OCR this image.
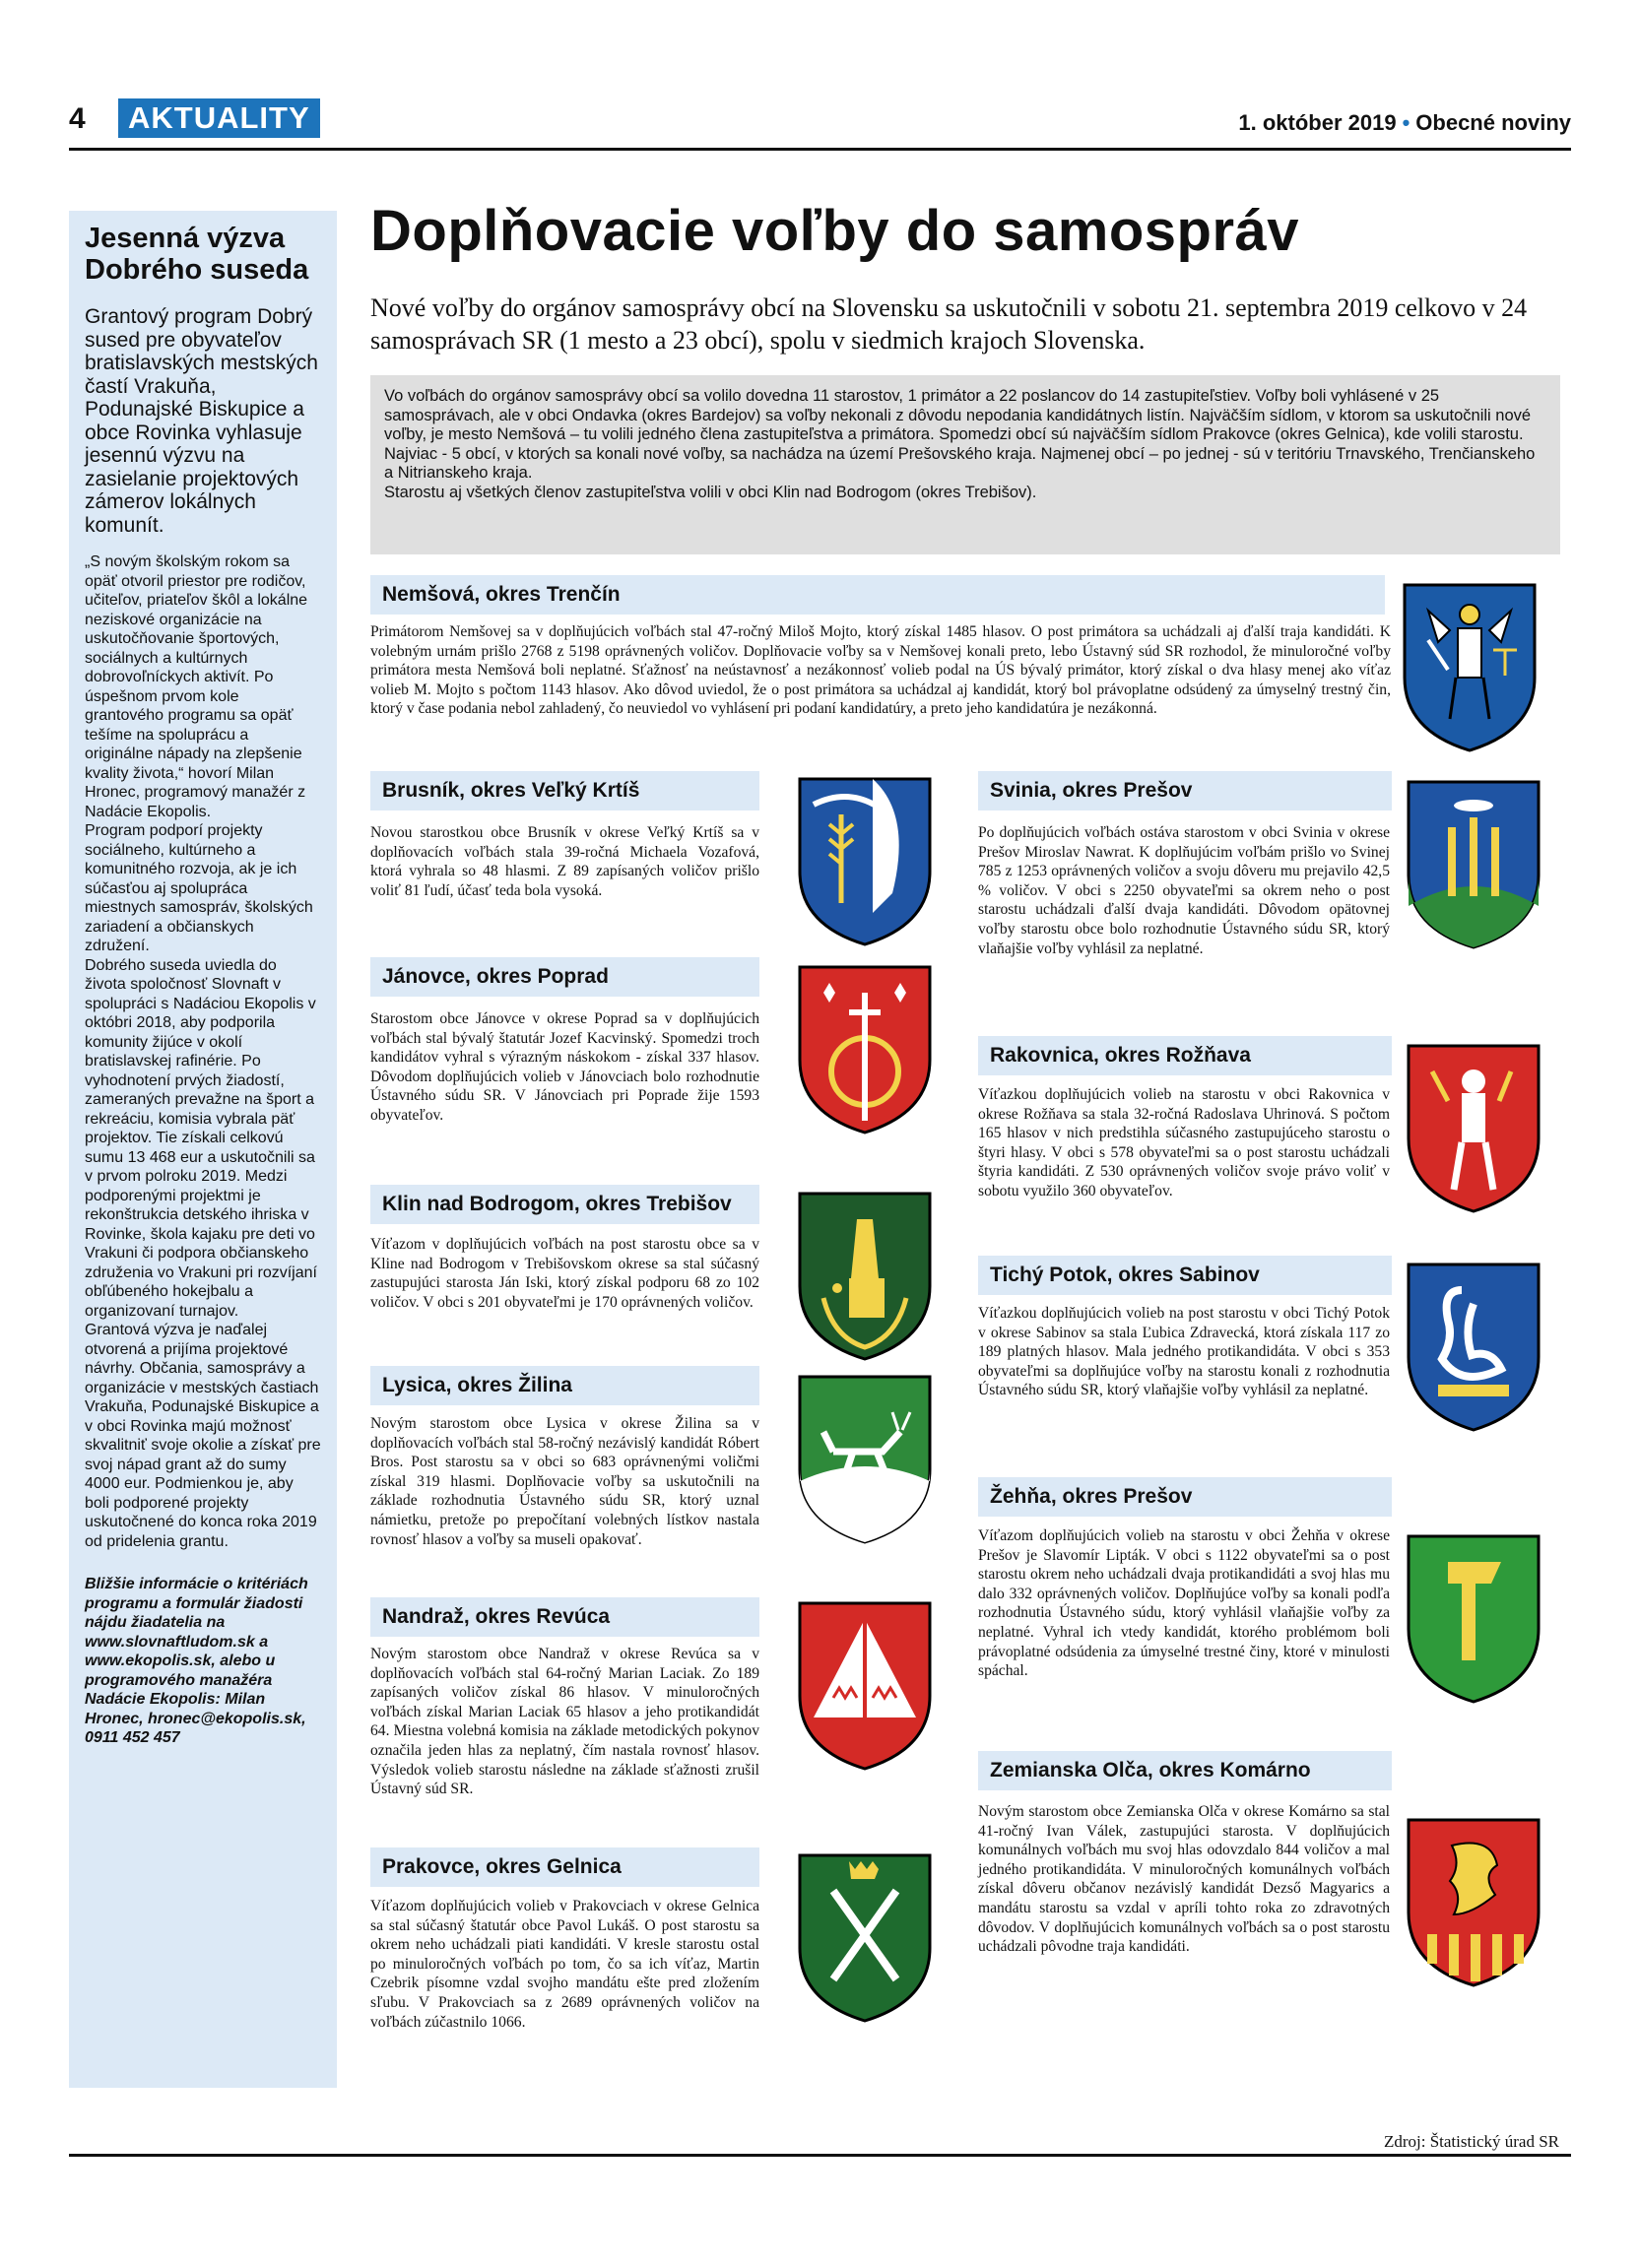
4	AKTUALITY	1. október 2019 • Obecné noviny
Jesenná výzva Dobrého suseda

Grantový program Dobrý sused pre obyvateľov bratislavských mestských častí Vrakuňa, Podunajské Biskupice a obce Rovinka vyhlasuje jesennú výzvu na zasielanie projektových zámerov lokálnych komunít.

„S novým školským rokom sa opäť otvoril priestor pre rodičov, učiteľov, priateľov škôl a lokálne neziskové organizácie na uskutočňovanie športových, sociálnych a kultúrnych dobrovoľníckych aktivít. Po úspešnom prvom kole grantového programu sa opäť tešíme na spoluprácu a originálne nápady na zlepšenie kvality života,“ hovorí Milan Hronec, programový manažér z Nadácie Ekopolis.
Program podporí projekty sociálneho, kultúrneho a komunitného rozvoja, ak je ich súčasťou aj spolupráca miestnych samospráv, školských zariadení a občianskych združení.
Dobrého suseda uviedla do života spoločnosť Slovnaft v spolupráci s Nadáciou Ekopolis v októbri 2018, aby podporila komunity žijúce v okolí bratislavskej rafinérie. Po vyhodnotení prvých žiadostí, zameraných prevažne na šport a rekreáciu, komisia vybrala päť projektov. Tie získali celkovú sumu 13 468 eur a uskutočnili sa v prvom polroku 2019. Medzi podporenými projektmi je rekonštrukcia detského ihriska v Rovinke, škola kajaku pre deti vo Vrakuni či podpora občianskeho združenia vo Vrakuni pri rozvíjaní obľúbeného hokejbalu a organizovaní turnajov.
Grantová výzva je naďalej otvorená a prijíma projektové návrhy. Občania, samosprávy a organizácie v mestských častiach Vrakuňa, Podunajské Biskupice a v obci Rovinka majú možnosť skvalitniť svoje okolie a získať pre svoj nápad grant až do sumy 4000 eur. Podmienkou je, aby boli podporené projekty uskutočnené do konca roka 2019 od pridelenia grantu.

Bližšie informácie o kritériách programu a formulár žiadosti nájdu žiadatelia na www.slovnaftludom.sk a www.ekopolis.sk, alebo u programového manažéra Nadácie Ekopolis: Milan Hronec, hronec@ekopolis.sk, 0911 452 457

Doplňovacie voľby do samospráv

Nové voľby do orgánov samosprávy obcí na Slovensku sa uskutočnili v sobotu 21. septembra 2019 celkovo v 24 samosprávach SR (1 mesto a 23 obcí), spolu v siedmich krajoch Slovenska.

Vo voľbách do orgánov samosprávy obcí sa volilo dovedna 11 starostov, 1 primátor a 22 poslancov do 14 zastupiteľstiev. Voľby boli vyhlásené v 25 samosprávach, ale v obci Ondavka (okres Bardejov) sa voľby nekonali z dôvodu nepodania kandidátnych listín. Najväčším sídlom, v ktorom sa uskutočnili nové voľby, je mesto Nemšová – tu volili jedného člena zastupiteľstva a primátora. Spomedzi obcí sú najväčším sídlom Prakovce (okres Gelnica), kde volili starostu.
Najviac - 5 obcí, v ktorých sa konali nové voľby, sa nachádza na území Prešovského kraja. Najmenej obcí – po jednej - sú v teritóriu Trnavského, Trenčianskeho a Nitrianskeho kraja.
Starostu aj všetkých členov zastupiteľstva volili v obci Klin nad Bodrogom (okres Trebišov).

Nemšová, okres Trenčín

Primátorom Nemšovej sa v doplňujúcich voľbách stal 47-ročný Miloš Mojto, ktorý získal 1485 hlasov. O post primátora sa uchádzali aj ďalší traja kandidáti. K volebným urnám prišlo 2768 z 5198 oprávnených voličov. Doplňovacie voľby sa v Nemšovej konali preto, lebo Ústavný súd SR rozhodol, že minuloročné voľby primátora mesta Nemšová boli neplatné. Sťažnosť na neústavnosť a nezákonnosť volieb podal na ÚS bývalý primátor, ktorý získal o dva hlasy menej ako víťaz volieb M. Mojto s počtom 1143 hlasov. Ako dôvod uviedol, že o post primátora sa uchádzal aj kandidát, ktorý bol právoplatne odsúdený za úmyselný trestný čin, ktorý v čase podania nebol zahladený, čo neuviedol vo vyhlásení pri podaní kandidatúry, a preto jeho kandidatúra je nezákonná.

Brusník, okres Veľký Krtíš

Novou starostkou obce Brusník v okrese Veľký Krtíš sa v doplňovacích voľbách stala 39-ročná Michaela Vozafová, ktorá vyhrala so 48 hlasmi. Z 89 zapísaných voličov prišlo voliť 81 ľudí, účasť teda bola vysoká.

Jánovce, okres Poprad

Starostom obce Jánovce v okrese Poprad sa v doplňujúcich voľbách stal bývalý štatutár Jozef Kacvinský. Spomedzi troch kandidátov vyhral s výrazným náskokom - získal 337 hlasov. Dôvodom doplňujúcich volieb v Jánovciach bolo rozhodnutie Ústavného súdu SR. V Jánovciach pri Poprade žije 1593 obyvateľov.

Klin nad Bodrogom, okres Trebišov

Víťazom v doplňujúcich voľbách na post starostu obce sa v Kline nad Bodrogom v Trebišovskom okrese sa stal súčasný zastupujúci starosta Ján Iski, ktorý získal podporu 68 zo 102 voličov. V obci s 201 obyvateľmi je 170 oprávnených voličov.

Lysica, okres Žilina

Novým starostom obce Lysica v okrese Žilina sa v doplňovacích voľbách stal 58-ročný nezávislý kandidát Róbert Bros. Post starostu sa v obci so 683 oprávnenými voličmi získal 319 hlasmi. Doplňovacie voľby sa uskutočnili na základe rozhodnutia Ústavného súdu SR, ktorý uznal námietku, pretože po prepočítaní volebných lístkov nastala rovnosť hlasov a voľby sa museli opakovať.

Nandraž, okres Revúca

Novým starostom obce Nandraž v okrese Revúca sa v doplňovacích voľbách stal 64-ročný Marian Laciak. Zo 189 zapísaných voličov získal 86 hlasov. V minuloročných voľbách získal Marian Laciak 65 hlasov a jeho protikandidát 64. Miestna volebná komisia na základe metodických pokynov označila jeden hlas za neplatný, čím nastala rovnosť hlasov. Výsledok volieb starostu následne na základe sťažnosti zrušil Ústavný súd SR.

Prakovce, okres Gelnica

Víťazom doplňujúcich volieb v Prakovciach v okrese Gelnica sa stal súčasný štatutár obce Pavol Lukáš. O post starostu sa okrem neho uchádzali piati kandidáti. V kresle starostu ostal po minuloročných voľbách po tom, čo sa ich víťaz, Martin Czebrik písomne vzdal svojho mandátu ešte pred zložením sľubu. V Prakovciach sa z 2689 oprávnených voličov na voľbách zúčastnilo 1066.

Svinia, okres Prešov

Po doplňujúcich voľbách ostáva starostom v obci Svinia v okrese Prešov Miroslav Nawrat. K doplňujúcim voľbám prišlo vo Svinej 785 z 1253 oprávnených voličov a svoju dôveru mu prejavilo 42,5 % voličov. V obci s 2250 obyvateľmi sa okrem neho o post starostu uchádzali ďalší dvaja kandidáti. Dôvodom opätovnej voľby starostu obce bolo rozhodnutie Ústavného súdu SR, ktorý vlaňajšie voľby vyhlásil za neplatné.

Rakovnica, okres Rožňava

Víťazkou doplňujúcich volieb na starostu v obci Rakovnica v okrese Rožňava sa stala 32-ročná Radoslava Uhrinová. S počtom 165 hlasov v nich predstihla súčasného zastupujúceho starostu o štyri hlasy. V obci s 578 obyvateľmi sa o post starostu uchádzali štyria kandidáti. Z 530 oprávnených voličov svoje právo voliť v sobotu využilo 360 obyvateľov.

Tichý Potok, okres Sabinov

Víťazkou doplňujúcich volieb na post starostu v obci Tichý Potok v okrese Sabinov sa stala Ľubica Zdravecká, ktorá získala 117 zo 189 platných hlasov. Mala jedného protikandidáta. V obci s 353 obyvateľmi sa doplňujúce voľby na starostu konali z rozhodnutia Ústavného súdu SR, ktorý vlaňajšie voľby vyhlásil za neplatné.

Žehňa, okres Prešov

Víťazom doplňujúcich volieb na starostu v obci Žehňa v okrese Prešov je Slavomír Lipták. V obci s 1122 obyvateľmi sa o post starostu okrem neho uchádzali dvaja protikandidáti a svoj hlas mu dalo 332 oprávnených voličov. Doplňujúce voľby sa konali podľa rozhodnutia Ústavného súdu, ktorý vyhlásil vlaňajšie voľby za neplatné. Vyhral ich vtedy kandidát, ktorého problémom boli právoplatné odsúdenia za úmyselné trestné činy, ktoré v minulosti spáchal.

Zemianska Olča, okres Komárno

Novým starostom obce Zemianska Olča v okrese Komárno sa stal 41-ročný Ivan Válek, zastupujúci starosta. V doplňujúcich komunálnych voľbách mu svoj hlas odovzdalo 844 voličov a mal jedného protikandidáta. V minuloročných komunálnych voľbách získal dôveru občanov nezávislý kandidát Dezső Magyarics a mandátu starostu sa vzdal v apríli tohto roka zo zdravotných dôvodov. V doplňujúcich komunálnych voľbách sa o post starostu uchádzali pôvodne traja kandidáti.

Zdroj: Štatistický úrad SR
